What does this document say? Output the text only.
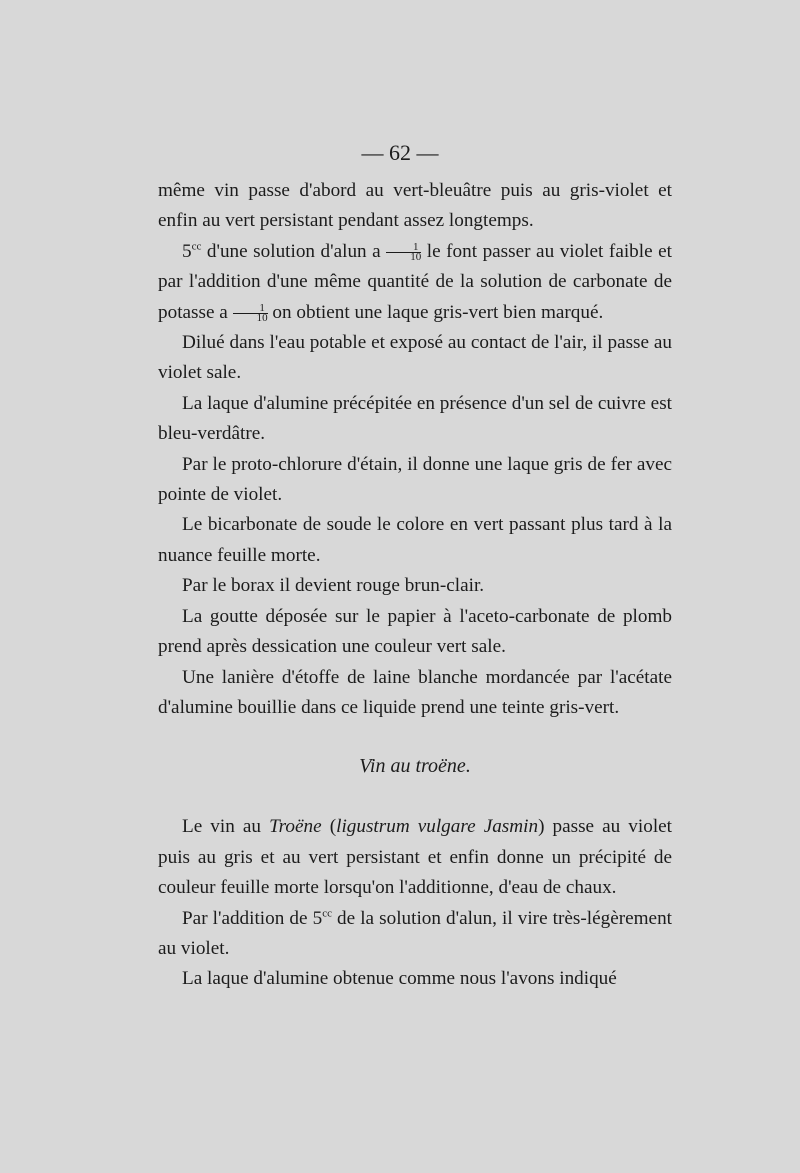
— 62 —

même vin passe d'abord au vert-bleuâtre puis au gris-violet et enfin au vert persistant pendant assez longtemps.

$5^{cc}$ d'une solution d'alun a $\frac{1}{10}$ le font passer au violet faible et par l'addition d'une même quantité de la solution de carbonate de potasse a $\frac{1}{10}$ on obtient une laque gris-vert bien marqué.

Dilué dans l'eau potable et exposé au contact de l'air, il passe au violet sale.

La laque d'alumine précépitée en présence d'un sel de cuivre est bleu-verdâtre.

Par le proto-chlorure d'étain, il donne une laque gris de fer avec pointe de violet.

Le bicarbonate de soude le colore en vert passant plus tard à la nuance feuille morte.

Par le borax il devient rouge brun-clair.

La goutte déposée sur le papier à l'aceto-carbonate de plomb prend après dessication une couleur vert sale.

Une lanière d'étoffe de laine blanche mordancée par l'acétate d'alumine bouillie dans ce liquide prend une teinte gris-vert.

Vin au troëne.

Le vin au Troëne (ligustrum vulgare Jasmin) passe au violet puis au gris et au vert persistant et enfin donne un précipité de couleur feuille morte lorsqu'on l'additionne, d'eau de chaux.

Par l'addition de $5^{cc}$ de la solution d'alun, il vire très-légèrement au violet.

La laque d'alumine obtenue comme nous l'avons indiqué
